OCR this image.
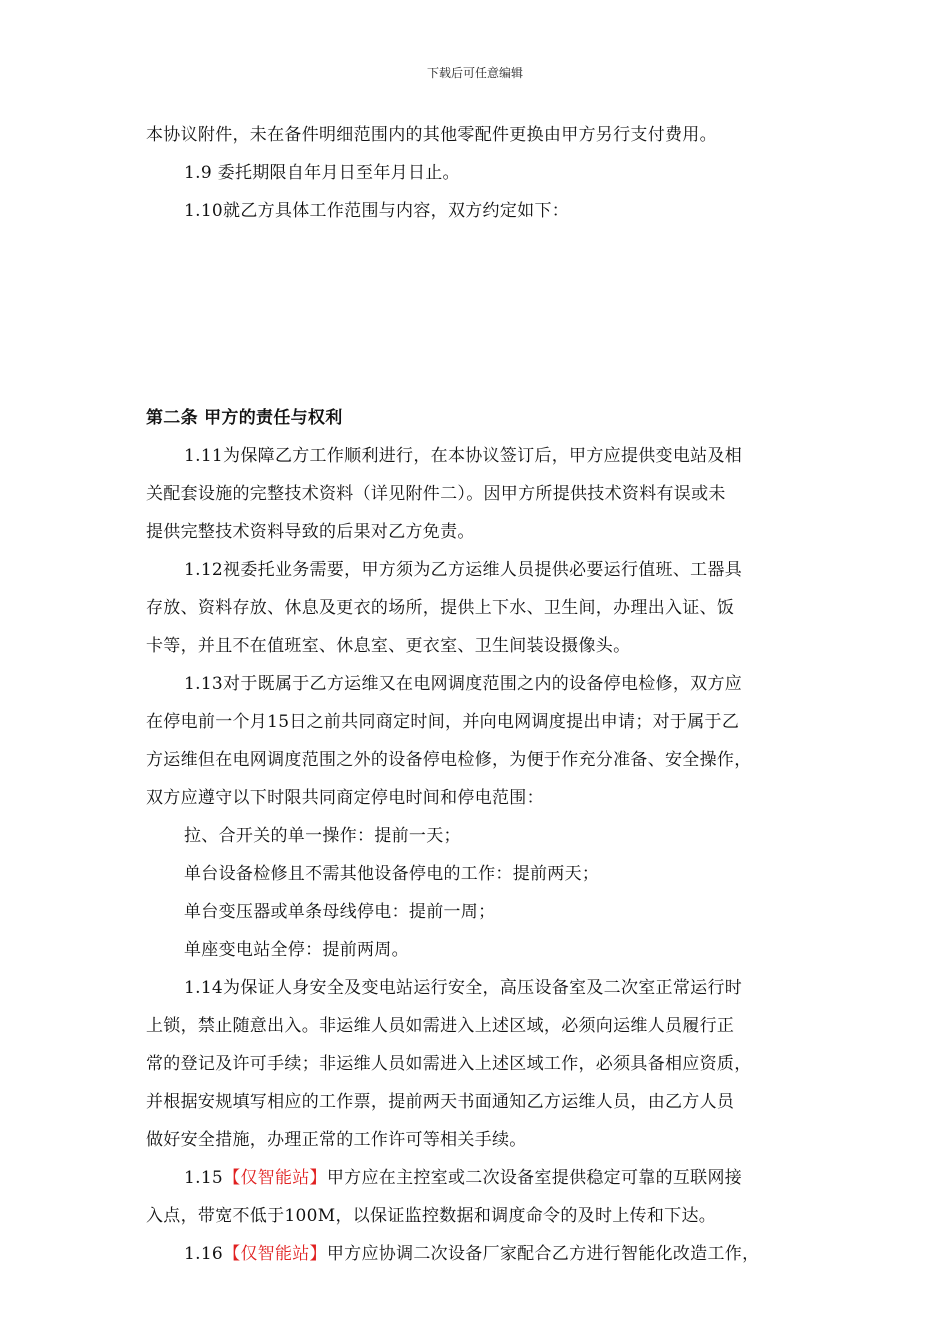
下载后可任意编辑
本协议附件，未在备件明细范围内的其他零配件更换由甲方另行支付费用。
1.9 委托期限自年月日至年月日止。
1.10就乙方具体工作范围与内容，双方约定如下：
第二条 甲方的责任与权利
1.11为保障乙方工作顺利进行，在本协议签订后，甲方应提供变电站及相
关配套设施的完整技术资料（详见附件二）。因甲方所提供技术资料有误或未
提供完整技术资料导致的后果对乙方免责。
1.12视委托业务需要，甲方须为乙方运维人员提供必要运行值班、工器具
存放、资料存放、休息及更衣的场所，提供上下水、卫生间，办理出入证、饭
卡等，并且不在值班室、休息室、更衣室、卫生间装设摄像头。
1.13对于既属于乙方运维又在电网调度范围之内的设备停电检修，双方应
在停电前一个月15日之前共同商定时间，并向电网调度提出申请；对于属于乙
方运维但在电网调度范围之外的设备停电检修，为便于作充分准备、安全操作，
双方应遵守以下时限共同商定停电时间和停电范围：
拉、合开关的单一操作：提前一天；
单台设备检修且不需其他设备停电的工作：提前两天；
单台变压器或单条母线停电：提前一周；
单座变电站全停：提前两周。
1.14为保证人身安全及变电站运行安全，高压设备室及二次室正常运行时
上锁，禁止随意出入。非运维人员如需进入上述区域，必须向运维人员履行正
常的登记及许可手续；非运维人员如需进入上述区域工作，必须具备相应资质，
并根据安规填写相应的工作票，提前两天书面通知乙方运维人员，由乙方人员
做好安全措施，办理正常的工作许可等相关手续。
1.15【仅智能站】甲方应在主控室或二次设备室提供稳定可靠的互联网接
入点，带宽不低于100M，以保证监控数据和调度命令的及时上传和下达。
1.16【仅智能站】甲方应协调二次设备厂家配合乙方进行智能化改造工作，
